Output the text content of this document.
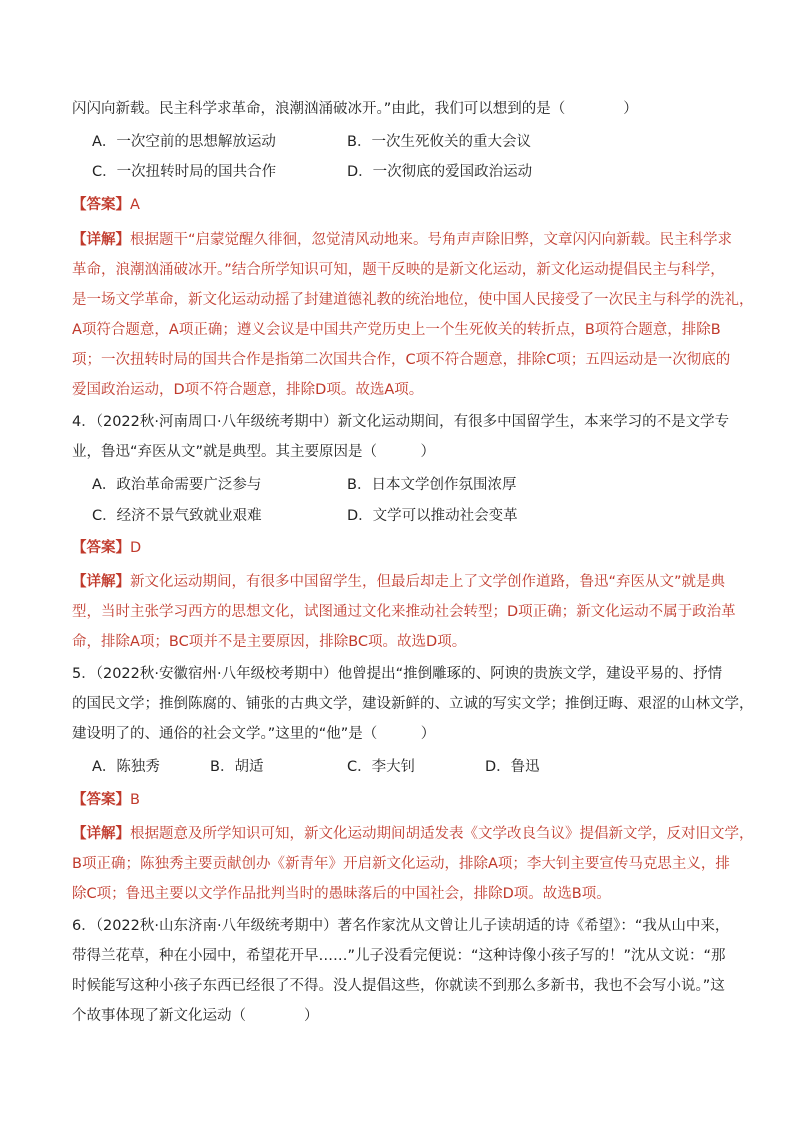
闪闪向新载。民主科学求革命，浪潮汹涌破冰开。”由此，我们可以想到的是（　　　　）
A．一次空前的思想解放运动	B．一次生死攸关的重大会议
C．一次扭转时局的国共合作	D．一次彻底的爱国政治运动
【答案】A
【详解】根据题干“启蒙觉醒久徘徊，忽觉清风动地来。号角声声除旧弊，文章闪闪向新载。民主科学求
革命，浪潮汹涌破冰开。”结合所学知识可知，题干反映的是新文化运动，新文化运动提倡民主与科学，
是一场文学革命，新文化运动动摇了封建道德礼教的统治地位，使中国人民接受了一次民主与科学的洗礼，
A项符合题意，A项正确；遵义会议是中国共产党历史上一个生死攸关的转折点，B项符合题意，排除B
项；一次扭转时局的国共合作是指第二次国共合作，C项不符合题意，排除C项；五四运动是一次彻底的
爱国政治运动，D项不符合题意，排除D项。故选A项。
4．（2022秋·河南周口·八年级统考期中）新文化运动期间，有很多中国留学生，本来学习的不是文学专
业，鲁迅“弃医从文”就是典型。其主要原因是（　　　）
A．政治革命需要广泛参与	B．日本文学创作氛围浓厚
C．经济不景气致就业艰难	D．文学可以推动社会变革
【答案】D
【详解】新文化运动期间，有很多中国留学生，但最后却走上了文学创作道路，鲁迅“弃医从文”就是典
型，当时主张学习西方的思想文化，试图通过文化来推动社会转型；D项正确；新文化运动不属于政治革
命，排除A项；BC项并不是主要原因，排除BC项。故选D项。
5．（2022秋·安徽宿州·八年级校考期中）他曾提出“推倒雕琢的、阿谀的贵族文学，建设平易的、抒情
的国民文学；推倒陈腐的、铺张的古典文学，建设新鲜的、立诚的写实文学；推倒迂晦、艰涩的山林文学，
建设明了的、通俗的社会文学。”这里的“他”是（　　　）
A．陈独秀	B．胡适	C．李大钊	D．鲁迅
【答案】B
【详解】根据题意及所学知识可知，新文化运动期间胡适发表《文学改良刍议》提倡新文学，反对旧文学，
B项正确；陈独秀主要贡献创办《新青年》开启新文化运动，排除A项；李大钊主要宣传马克思主义，排
除C项；鲁迅主要以文学作品批判当时的愚昧落后的中国社会，排除D项。故选B项。
6．（2022秋·山东济南·八年级统考期中）著名作家沈从文曾让儿子读胡适的诗《希望》：“我从山中来，
带得兰花草，种在小园中，希望花开早……”儿子没看完便说：“这种诗像小孩子写的！”沈从文说：“那
时候能写这种小孩子东西已经很了不得。没人提倡这些，你就读不到那么多新书，我也不会写小说。”这
个故事体现了新文化运动（　　　　）
